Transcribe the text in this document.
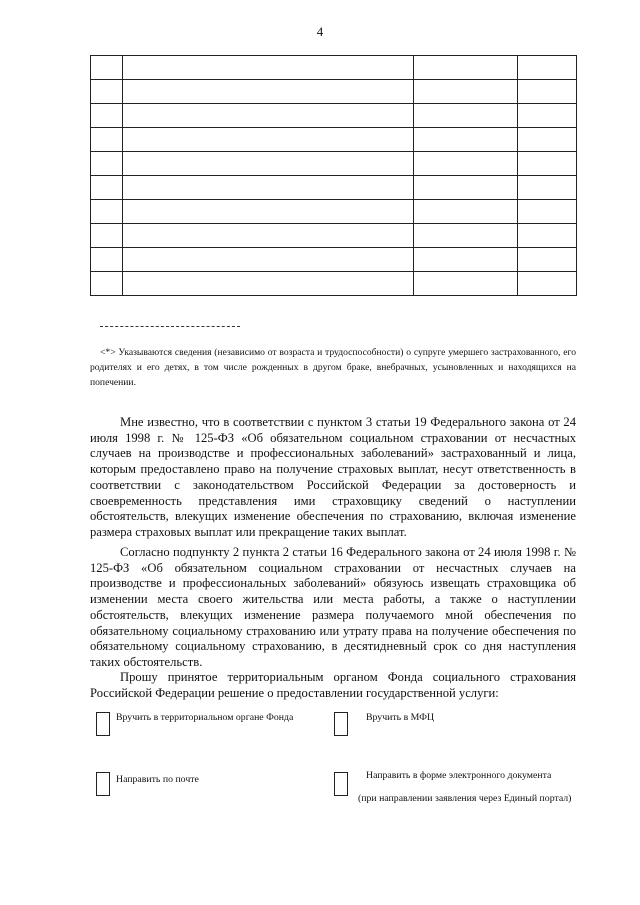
4

<*> Указываются сведения (независимо от возраста и трудоспособности) о супруге умершего застрахованного, его родителях и его детях, в том числе рожденных в другом браке, внебрачных, усыновленных и находящихся на попечении.
Мне известно, что в соответствии с пунктом 3 статьи 19 Федерального закона от 24 июля 1998 г. № 125-ФЗ «Об обязательном социальном страховании от несчастных случаев на производстве и профессиональных заболеваний» застрахованный и лица, которым предоставлено право на получение страховых выплат, несут ответственность в соответствии с законодательством Российской Федерации за достоверность и своевременность представления ими страховщику сведений о наступлении обстоятельств, влекущих изменение обеспечения по страхованию, включая изменение размера страховых выплат или прекращение таких выплат.
Согласно подпункту 2 пункта 2 статьи 16 Федерального закона от 24 июля 1998 г. № 125-ФЗ «Об обязательном социальном страховании от несчастных случаев на производстве и профессиональных заболеваний» обязуюсь извещать страховщика об изменении места своего жительства или места работы, а также о наступлении обстоятельств, влекущих изменение размера получаемого мной обеспечения по обязательному социальному страхованию или утрату права на получение обеспечения по обязательному социальному страхованию, в десятидневный срок со дня наступления таких обстоятельств.
Прошу принятое территориальным органом Фонда социального страхования Российской Федерации решение о предоставлении государственной услуги:
Вручить в территориальном органе Фонда	Вручить в МФЦ
Направить по почте	Направить в форме электронного документа
(при направлении заявления через Единый портал)
